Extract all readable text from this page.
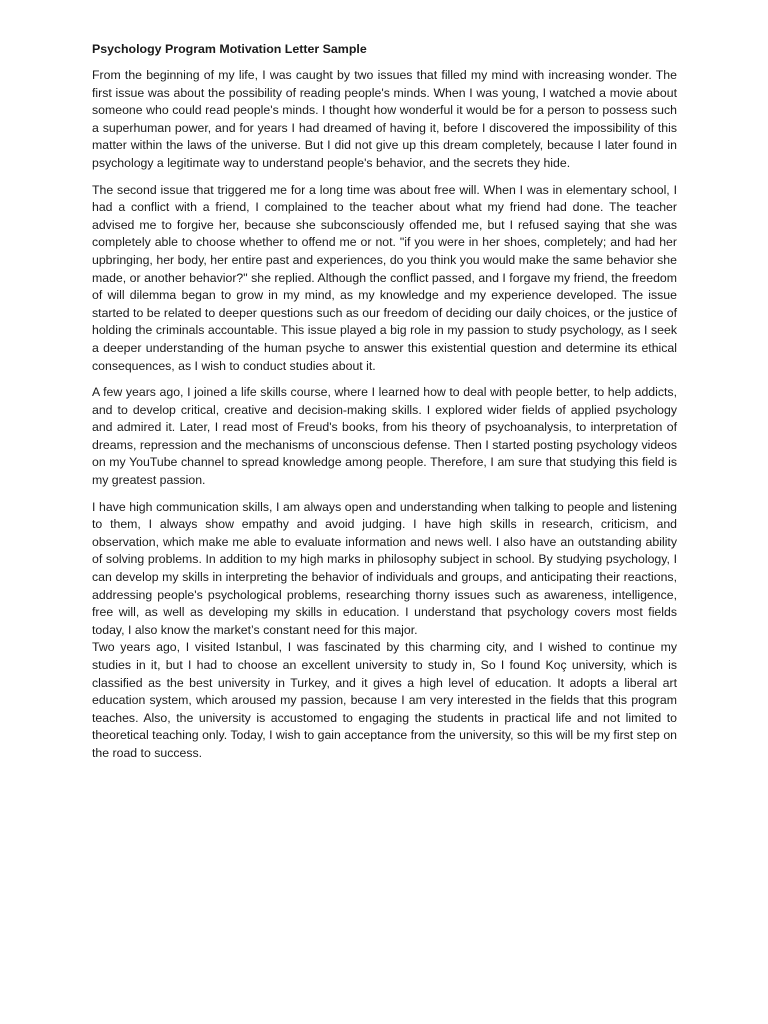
Psychology Program Motivation Letter Sample

From the beginning of my life, I was caught by two issues that filled my mind with increasing wonder. The first issue was about the possibility of reading people's minds. When I was young, I watched a movie about someone who could read people's minds. I thought how wonderful it would be for a person to possess such a superhuman power, and for years I had dreamed of having it, before I discovered the impossibility of this matter within the laws of the universe. But I did not give up this dream completely, because I later found in psychology a legitimate way to understand people's behavior, and the secrets they hide.

The second issue that triggered me for a long time was about free will. When I was in elementary school, I had a conflict with a friend, I complained to the teacher about what my friend had done. The teacher advised me to forgive her, because she subconsciously offended me, but I refused saying that she was completely able to choose whether to offend me or not. "if you were in her shoes, completely; and had her upbringing, her body, her entire past and experiences, do you think you would make the same behavior she made, or another behavior?" she replied. Although the conflict passed, and I forgave my friend, the freedom of will dilemma began to grow in my mind, as my knowledge and my experience developed. The issue started to be related to deeper questions such as our freedom of deciding our daily choices, or the justice of holding the criminals accountable. This issue played a big role in my passion to study psychology, as I seek a deeper understanding of the human psyche to answer this existential question and determine its ethical consequences, as I wish to conduct studies about it.

A few years ago, I joined a life skills course, where I learned how to deal with people better, to help addicts, and to develop critical, creative and decision-making skills. I explored wider fields of applied psychology and admired it. Later, I read most of Freud's books, from his theory of psychoanalysis, to interpretation of dreams, repression and the mechanisms of unconscious defense. Then I started posting psychology videos on my YouTube channel to spread knowledge among people. Therefore, I am sure that studying this field is my greatest passion.

I have high communication skills, I am always open and understanding when talking to people and listening to them, I always show empathy and avoid judging. I have high skills in research, criticism, and observation, which make me able to evaluate information and news well. I also have an outstanding ability of solving problems. In addition to my high marks in philosophy subject in school. By studying psychology, I can develop my skills in interpreting the behavior of individuals and groups, and anticipating their reactions, addressing people's psychological problems, researching thorny issues such as awareness, intelligence, free will, as well as developing my skills in education. I understand that psychology covers most fields today, I also know the market’s constant need for this major.

Two years ago, I visited Istanbul, I was fascinated by this charming city, and I wished to continue my studies in it, but I had to choose an excellent university to study in, So I found Koç university, which is classified as the best university in Turkey, and it gives a high level of education. It adopts a liberal art education system, which aroused my passion, because I am very interested in the fields that this program teaches. Also, the university is accustomed to engaging the students in practical life and not limited to theoretical teaching only. Today, I wish to gain acceptance from the university, so this will be my first step on the road to success.
